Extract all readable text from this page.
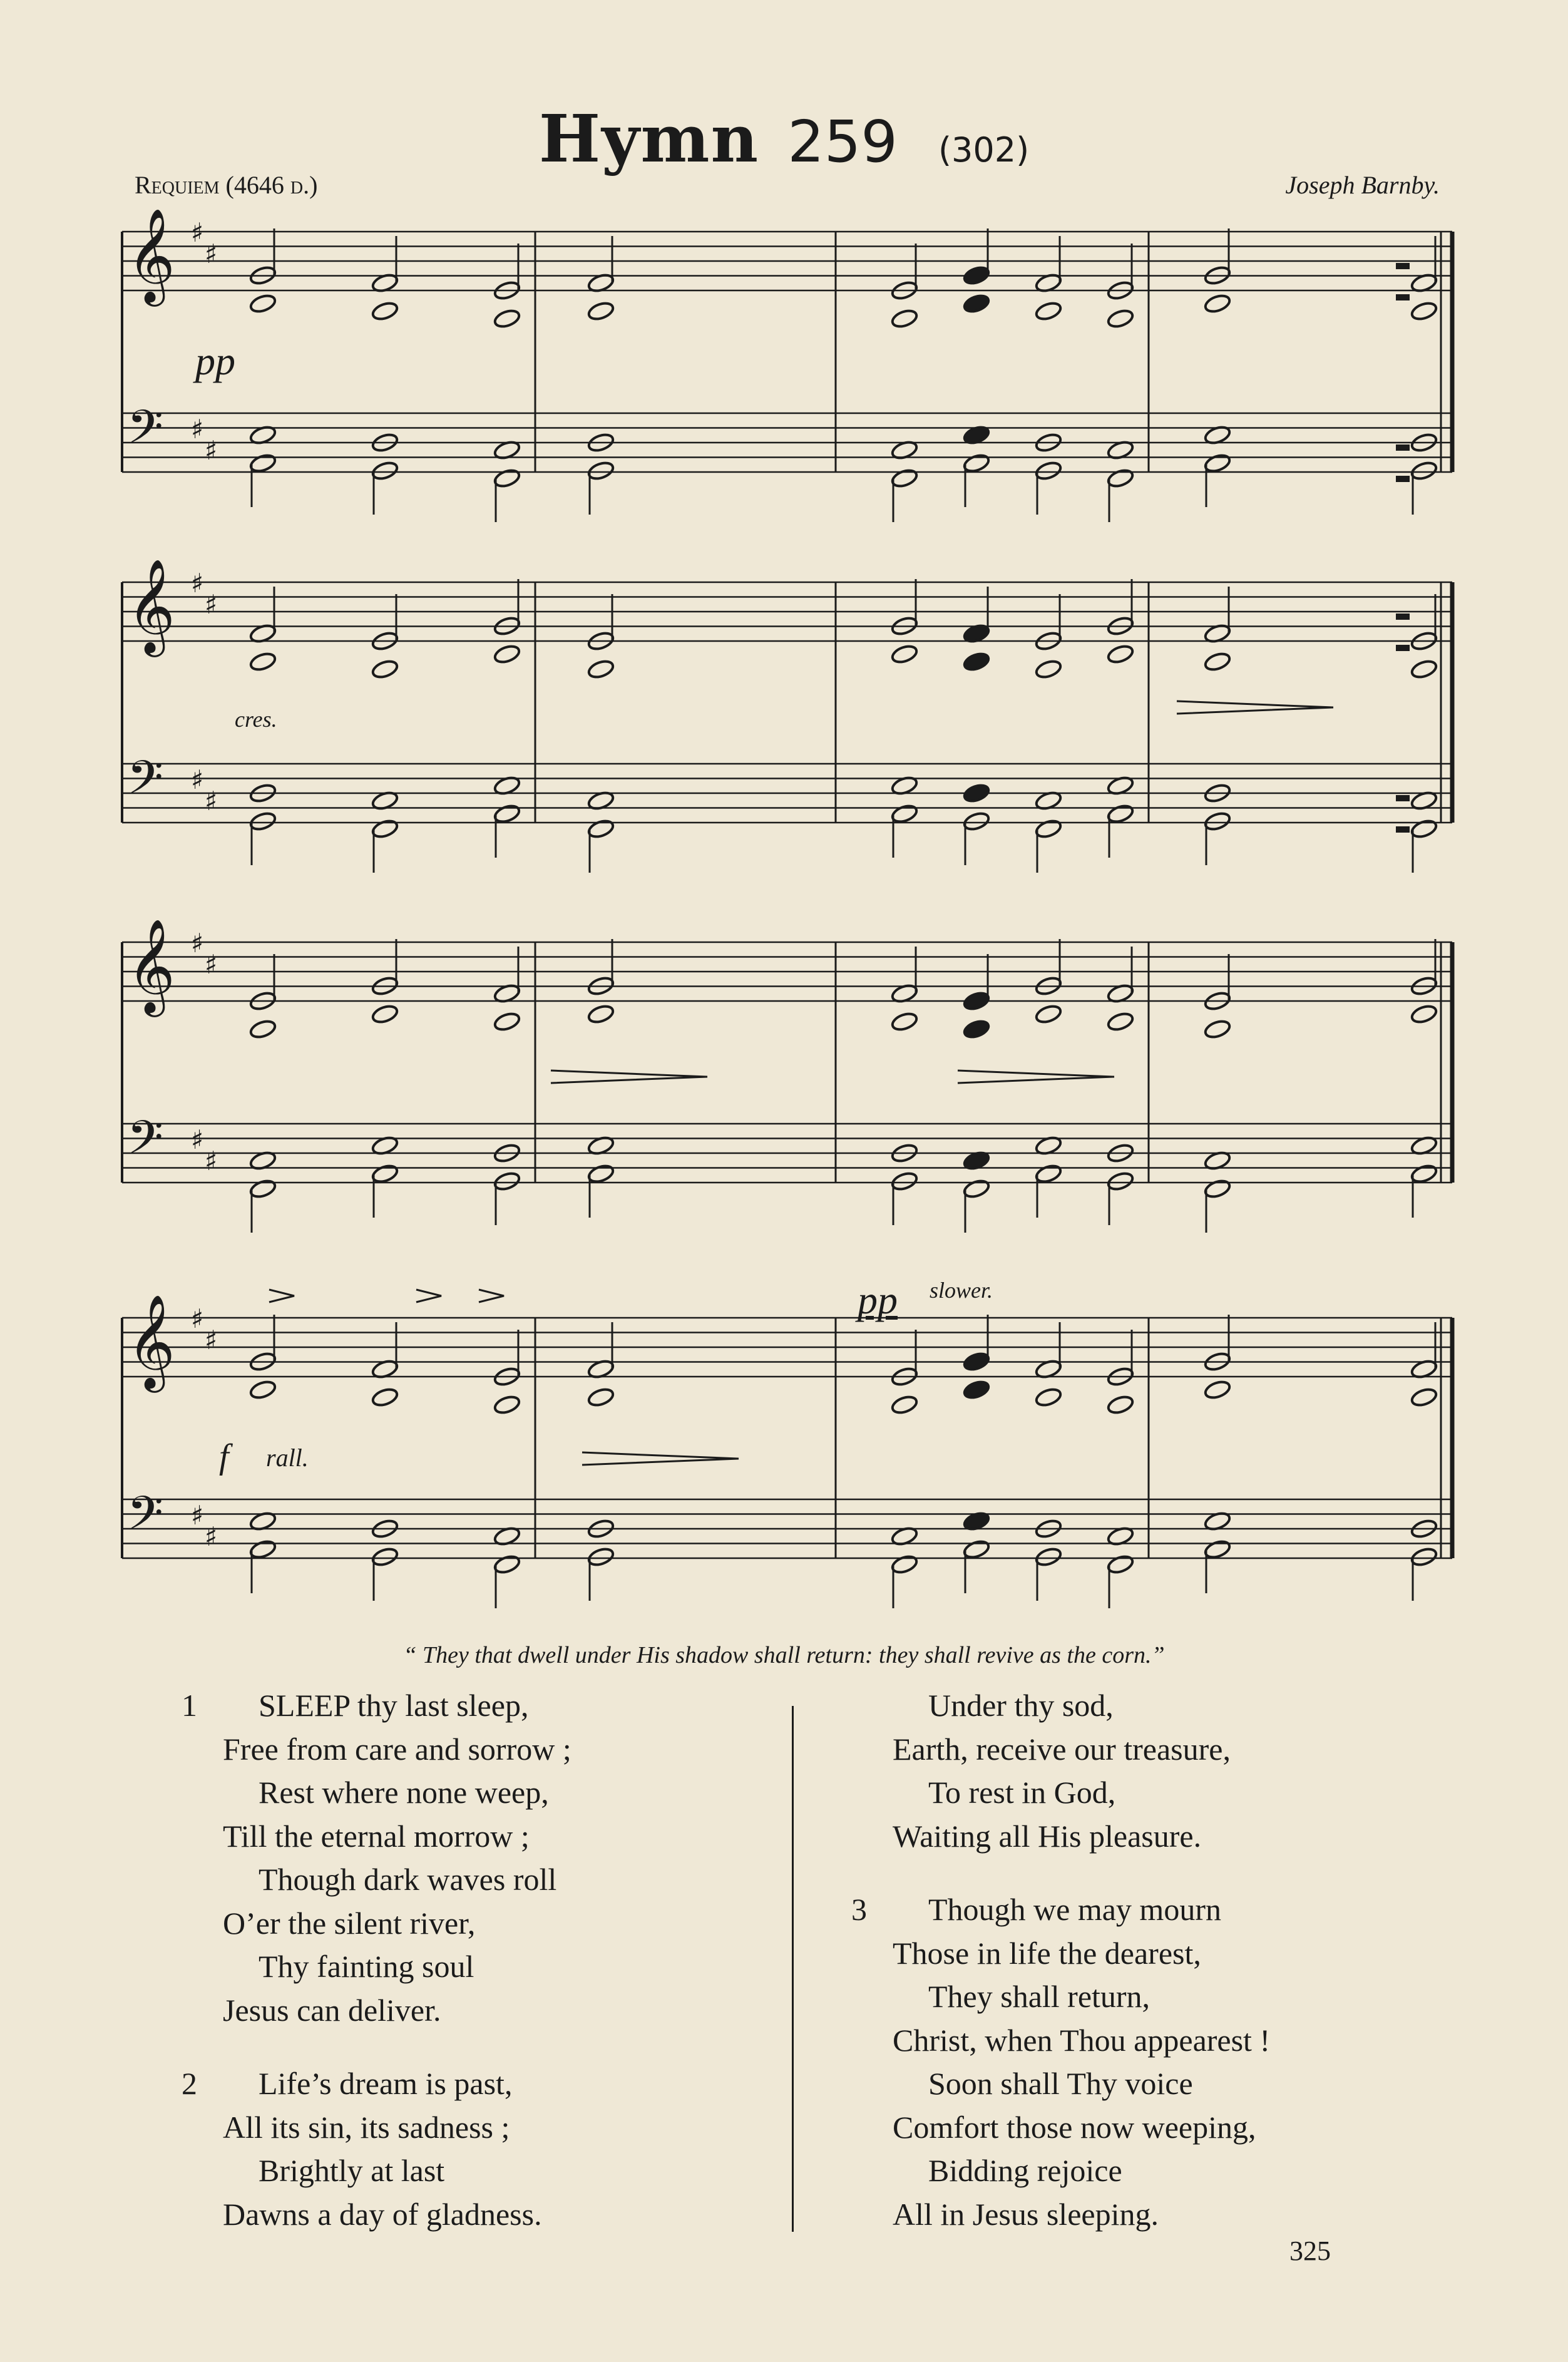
Hymn 259 (302)
Requiem (4646 d.)	Joseph Barnby.
𝄞
𝄢
♯
♯
♯
♯
𝄞
𝄢
♯
♯
♯
♯
𝄞
𝄢
♯
♯
♯
♯
𝄞
𝄢
♯
♯
♯
♯
pp
cres.
f rall.
pp slower.
“ They that dwell under His shadow shall return: they shall revive as the corn.”
1 SLEEP thy last sleep,
Free from care and sorrow ;
Rest where none weep,
Till the eternal morrow ;
Though dark waves roll
O’er the silent river,
Thy fainting soul
Jesus can deliver.
2 Life’s dream is past,
All its sin, its sadness ;
Brightly at last
Dawns a day of gladness.
Under thy sod,
Earth, receive our treasure,
To rest in God,
Waiting all His pleasure.
3 Though we may mourn
Those in life the dearest,
They shall return,
Christ, when Thou appearest !
Soon shall Thy voice
Comfort those now weeping,
Bidding rejoice
All in Jesus sleeping.
325
